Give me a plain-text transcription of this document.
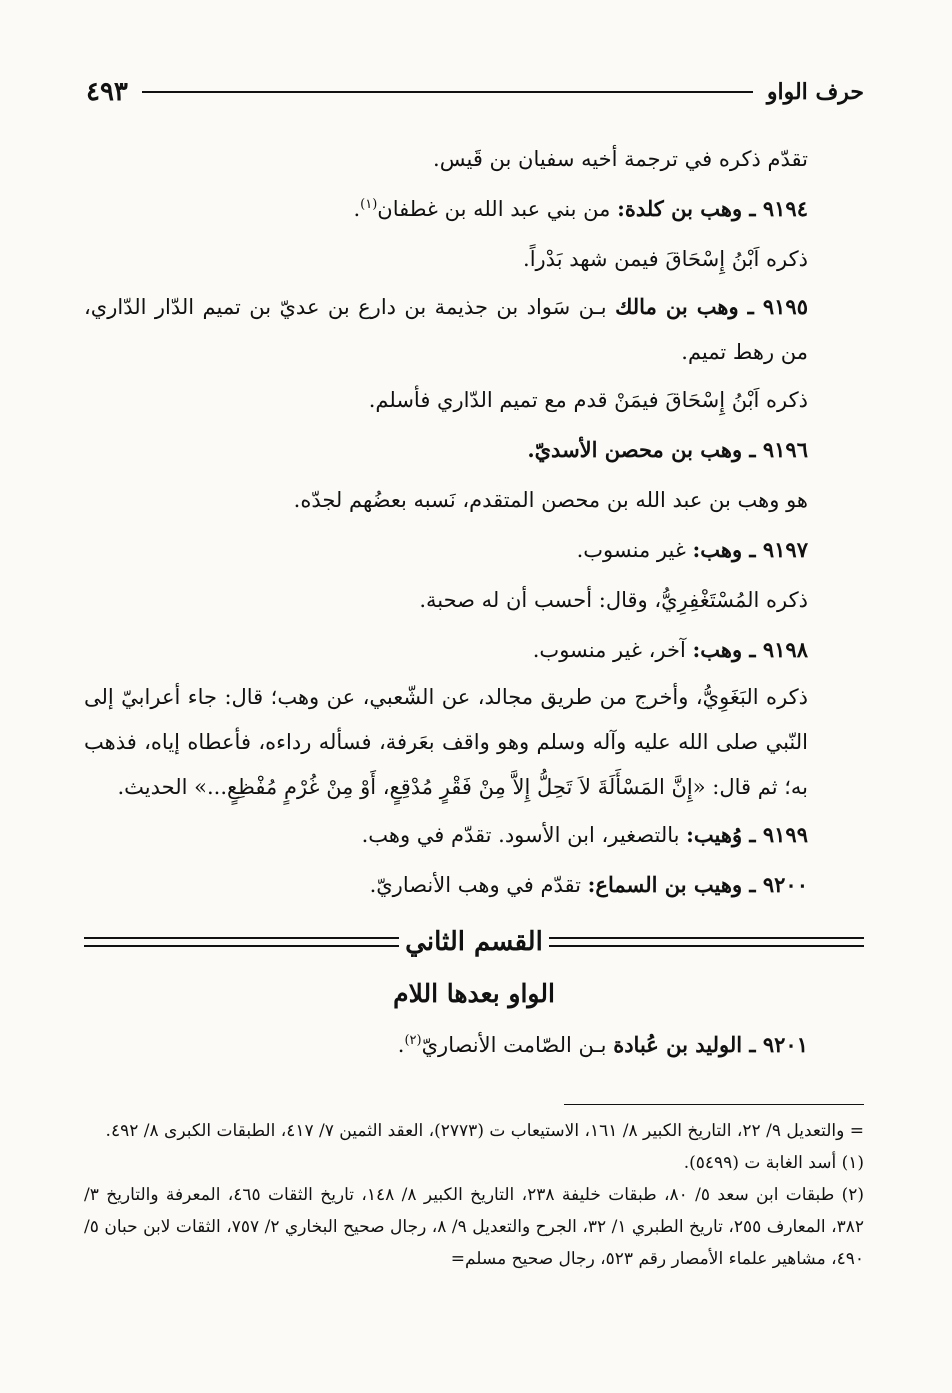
حرف الواو
٤٩٣

تقدّم ذكره في ترجمة أخيه سفيان بن قَيس.

٩١٩٤ ـ وهب بن كلدة: من بني عبد الله بن غطفان$^{(١)}$.

ذكره اَبْنُ إِسْحَاقَ فيمن شهد بَدْراً.

٩١٩٥ ـ وهب بن مالك بـن سَواد بن جذيمة بن دارع بن عديّ بن تميم الدّار الدّاري، من رهط تميم.

ذكره اَبْنُ إِسْحَاقَ فيمَنْ قدم مع تميم الدّاري فأسلم.

٩١٩٦ ـ وهب بن محصن الأسديّ.

هو وهب بن عبد الله بن محصن المتقدم، نَسبه بعضُهم لجدّه.

٩١٩٧ ـ وهب: غير منسوب.

ذكره المُسْتَغْفِرِيُّ، وقال: أحسب أن له صحبة.

٩١٩٨ ـ وهب: آخر، غير منسوب.

ذكره البَغَوِيُّ، وأخرج من طريق مجالد، عن الشّعبي، عن وهب؛ قال: جاء أعرابيّ إلى النّبي صلى الله عليه وآله وسلم وهو واقف بعَرفة، فسأله رداءه، فأعطاه إياه، فذهب به؛ ثم قال: «إِنَّ المَسْأَلَةَ لاَ تَحِلُّ إِلاَّ مِنْ فَقْرٍ مُدْقِعٍ، أَوْ مِنْ غُرْمٍ مُفْظِعٍ...» الحديث.

٩١٩٩ ـ وُهيب: بالتصغير، ابن الأسود. تقدّم في وهب.

٩٢٠٠ ـ وهيب بن السماع: تقدّم في وهب الأنصاريّ.

القسم الثاني
الواو بعدها اللام

٩٢٠١ ـ الوليد بن عُبادة بـن الصّامت الأنصاريّ$^{(٢)}$.

= والتعديل ٩/ ٢٢، التاريخ الكبير ٨/ ١٦١، الاستيعاب ت (٢٧٧٣)، العقد الثمين ٧/ ٤١٧، الطبقات الكبرى ٨/ ٤٩٢.

(١) أسد الغابة ت (٥٤٩٩).

(٢) طبقات ابن سعد ٥/ ٨٠، طبقات خليفة ٢٣٨، التاريخ الكبير ٨/ ١٤٨، تاريخ الثقات ٤٦٥، المعرفة والتاريخ ٣/ ٣٨٢، المعارف ٢٥٥، تاريخ الطبري ١/ ٣٢، الجرح والتعديل ٩/ ٨، رجال صحيح البخاري ٢/ ٧٥٧، الثقات لابن حبان ٥/ ٤٩٠، مشاهير علماء الأمصار رقم ٥٢٣، رجال صحيح مسلم=
